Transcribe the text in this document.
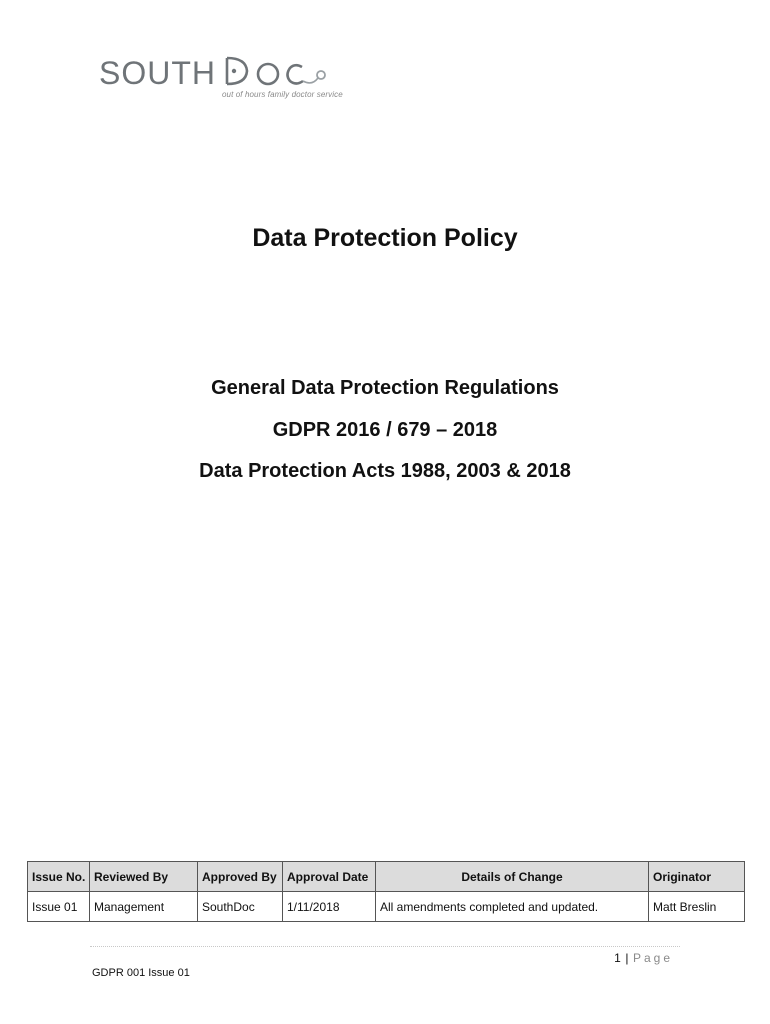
SOUTH
out of hours family doctor service
Data Protection Policy
General Data Protection Regulations
GDPR 2016 / 679 – 2018
Data Protection Acts 1988, 2003 & 2018
Issue No.	Reviewed By	Approved By	Approval Date	Details of Change	Originator
Issue 01	Management	SouthDoc	1/11/2018	All amendments completed and updated.	Matt Breslin
1 | Page
GDPR 001 Issue 01
